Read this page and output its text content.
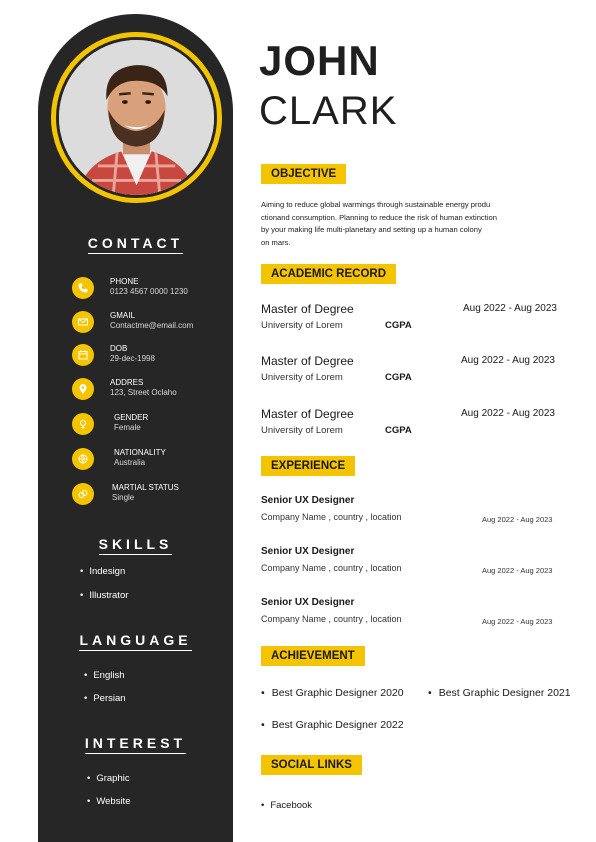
CONTACT
PHONE
0123 4567 0000 1230
GMAIL
Contactme@email.com
DOB
29-dec-1998
ADDRES
123, Street Oclaho
GENDER
Female
NATIONALITY
Australia
MARTIAL STATUS
Single
SKILLS
• Indesign
• Illustrator
LANGUAGE
• English
• Persian
INTEREST
• Graphic
• Website
JOHN
CLARK
OBJECTIVE
Aiming to reduce global warmings through sustainable energy produ
ctionand consumption. Planning to reduce the risk of human extinction
by your making life multi-planetary and setting up a human colony
on mars.
ACADEMIC RECORD
Master of Degree	Aug 2022 - Aug 2023
University of Lorem	CGPA
Master of Degree	Aug 2022 - Aug 2023
University of Lorem	CGPA
Master of Degree	Aug 2022 - Aug 2023
University of Lorem	CGPA
EXPERIENCE
Senior UX Designer
Company Name , country , location	Aug 2022 - Aug 2023
Senior UX Designer
Company Name , country , location	Aug 2022 - Aug 2023
Senior UX Designer
Company Name , country , location	Aug 2022 - Aug 2023
ACHIEVEMENT
• Best Graphic Designer 2020
•	Best Graphic Designer 2021
• Best Graphic Designer 2022
SOCIAL LINKS
• Facebook
